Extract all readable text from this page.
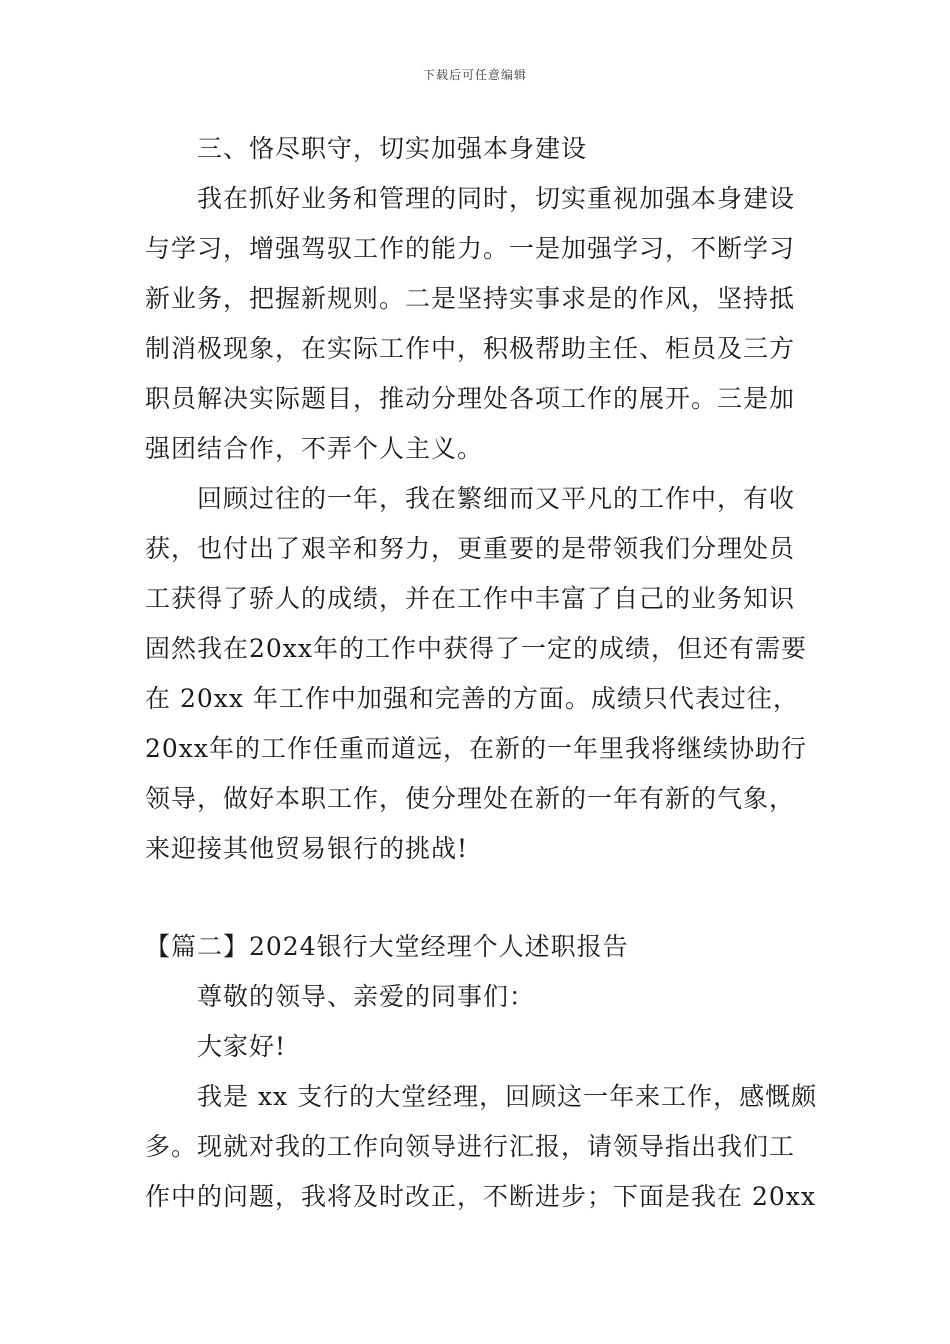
下载后可任意编辑
三、恪尽职守，切实加强本身建设
我在抓好业务和管理的同时，切实重视加强本身建设
与学习，增强驾驭工作的能力。一是加强学习，不断学习
新业务，把握新规则。二是坚持实事求是的作风，坚持抵
制消极现象，在实际工作中，积极帮助主任、柜员及三方
职员解决实际题目，推动分理处各项工作的展开。三是加
强团结合作，不弄个人主义。
回顾过往的一年，我在繁细而又平凡的工作中，有收
获，也付出了艰辛和努力，更重要的是带领我们分理处员
工获得了骄人的成绩，并在工作中丰富了自己的业务知识
固然我在20xx年的工作中获得了一定的成绩，但还有需要
在 20xx 年工作中加强和完善的方面。成绩只代表过往，
20xx年的工作任重而道远，在新的一年里我将继续协助行
领导，做好本职工作，使分理处在新的一年有新的气象，
来迎接其他贸易银行的挑战!
【篇二】2024银行大堂经理个人述职报告
尊敬的领导、亲爱的同事们：
大家好!
我是 xx 支行的大堂经理，回顾这一年来工作，感慨颇
多。现就对我的工作向领导进行汇报，请领导指出我们工
作中的问题，我将及时改正，不断进步；下面是我在 20xx
